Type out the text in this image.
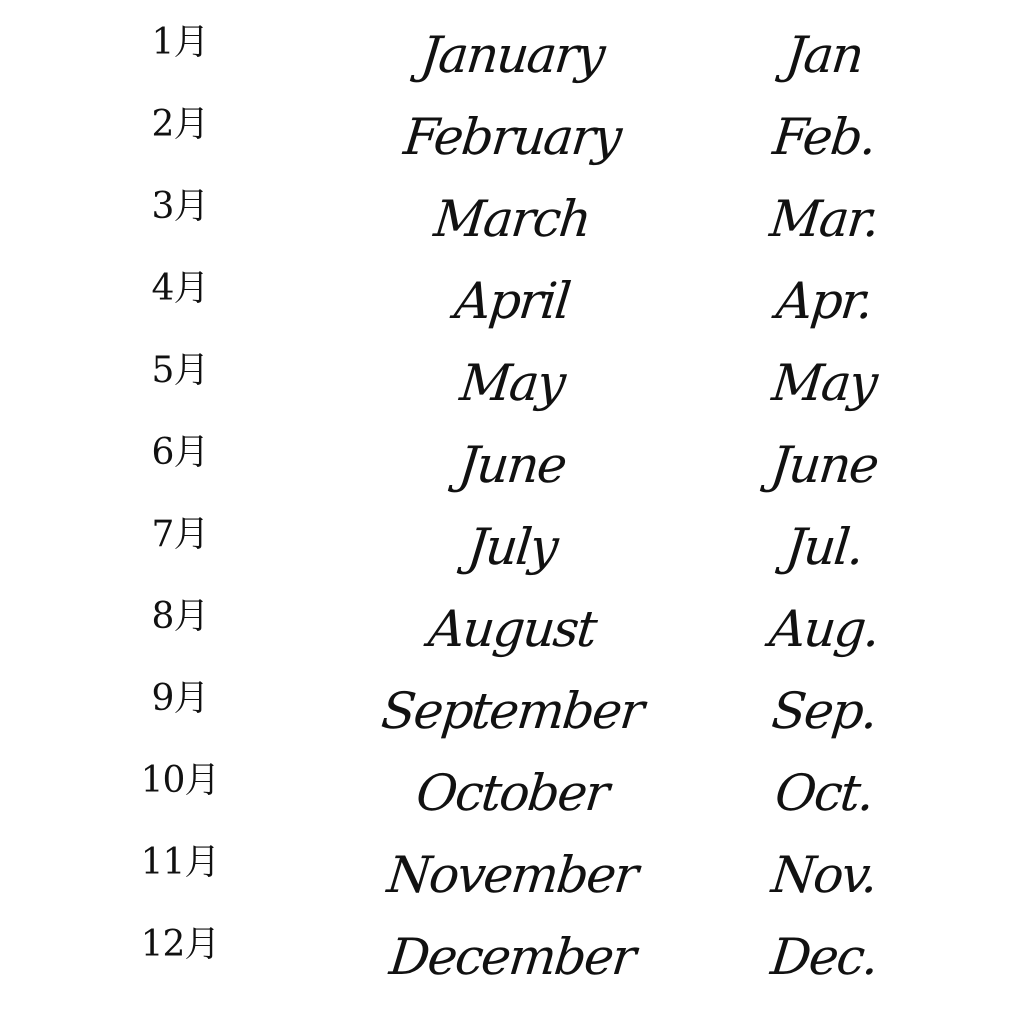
1月	January	Jan
2月	February	Feb.
3月	March	Mar.
4月	April	Apr.
5月	May	May
6月	June	June
7月	July	Jul.
8月	August	Aug.
9月	September	Sep.
10月	October	Oct.
11月	November	Nov.
12月	December	Dec.
